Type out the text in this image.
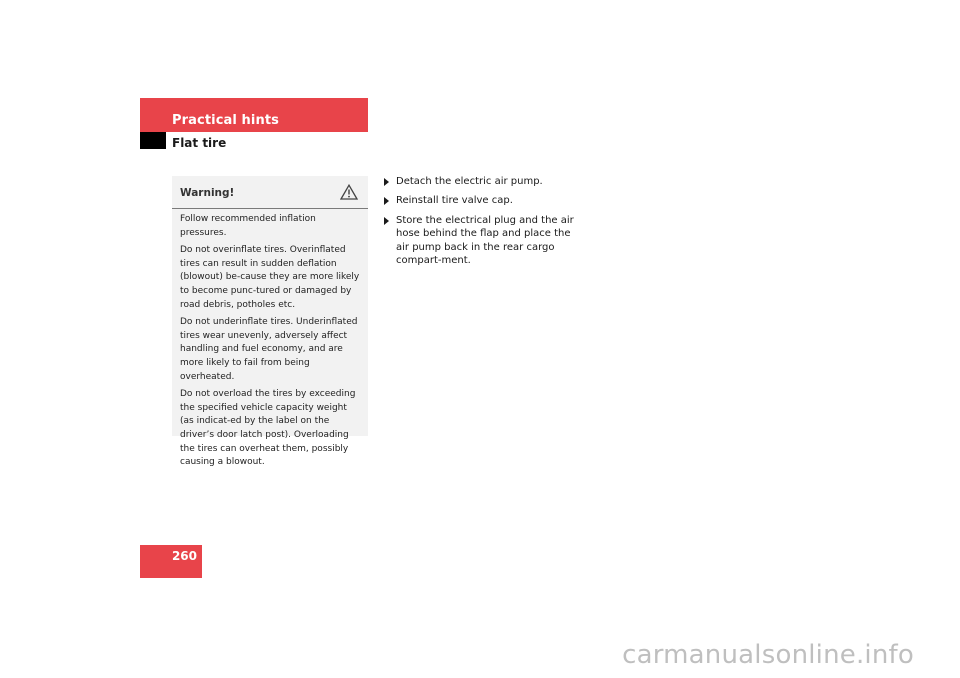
Practical hints
Flat tire
Warning!

Follow recommended inflation pressures.

Do not overinflate tires. Overinflated tires can result in sudden deflation (blowout) be-cause they are more likely to become punc-tured or damaged by road debris, potholes etc.

Do not underinflate tires. Underinflated tires wear unevenly, adversely affect handling and fuel economy, and are more likely to fail from being overheated.

Do not overload the tires by exceeding the specified vehicle capacity weight (as indicat-ed by the label on the driver’s door latch post). Overloading the tires can overheat them, possibly causing a blowout.

Detach the electric air pump.
Reinstall tire valve cap.
Store the electrical plug and the air hose behind the flap and place the air pump back in the rear cargo compart-ment.
260
carmanualsonline.info
